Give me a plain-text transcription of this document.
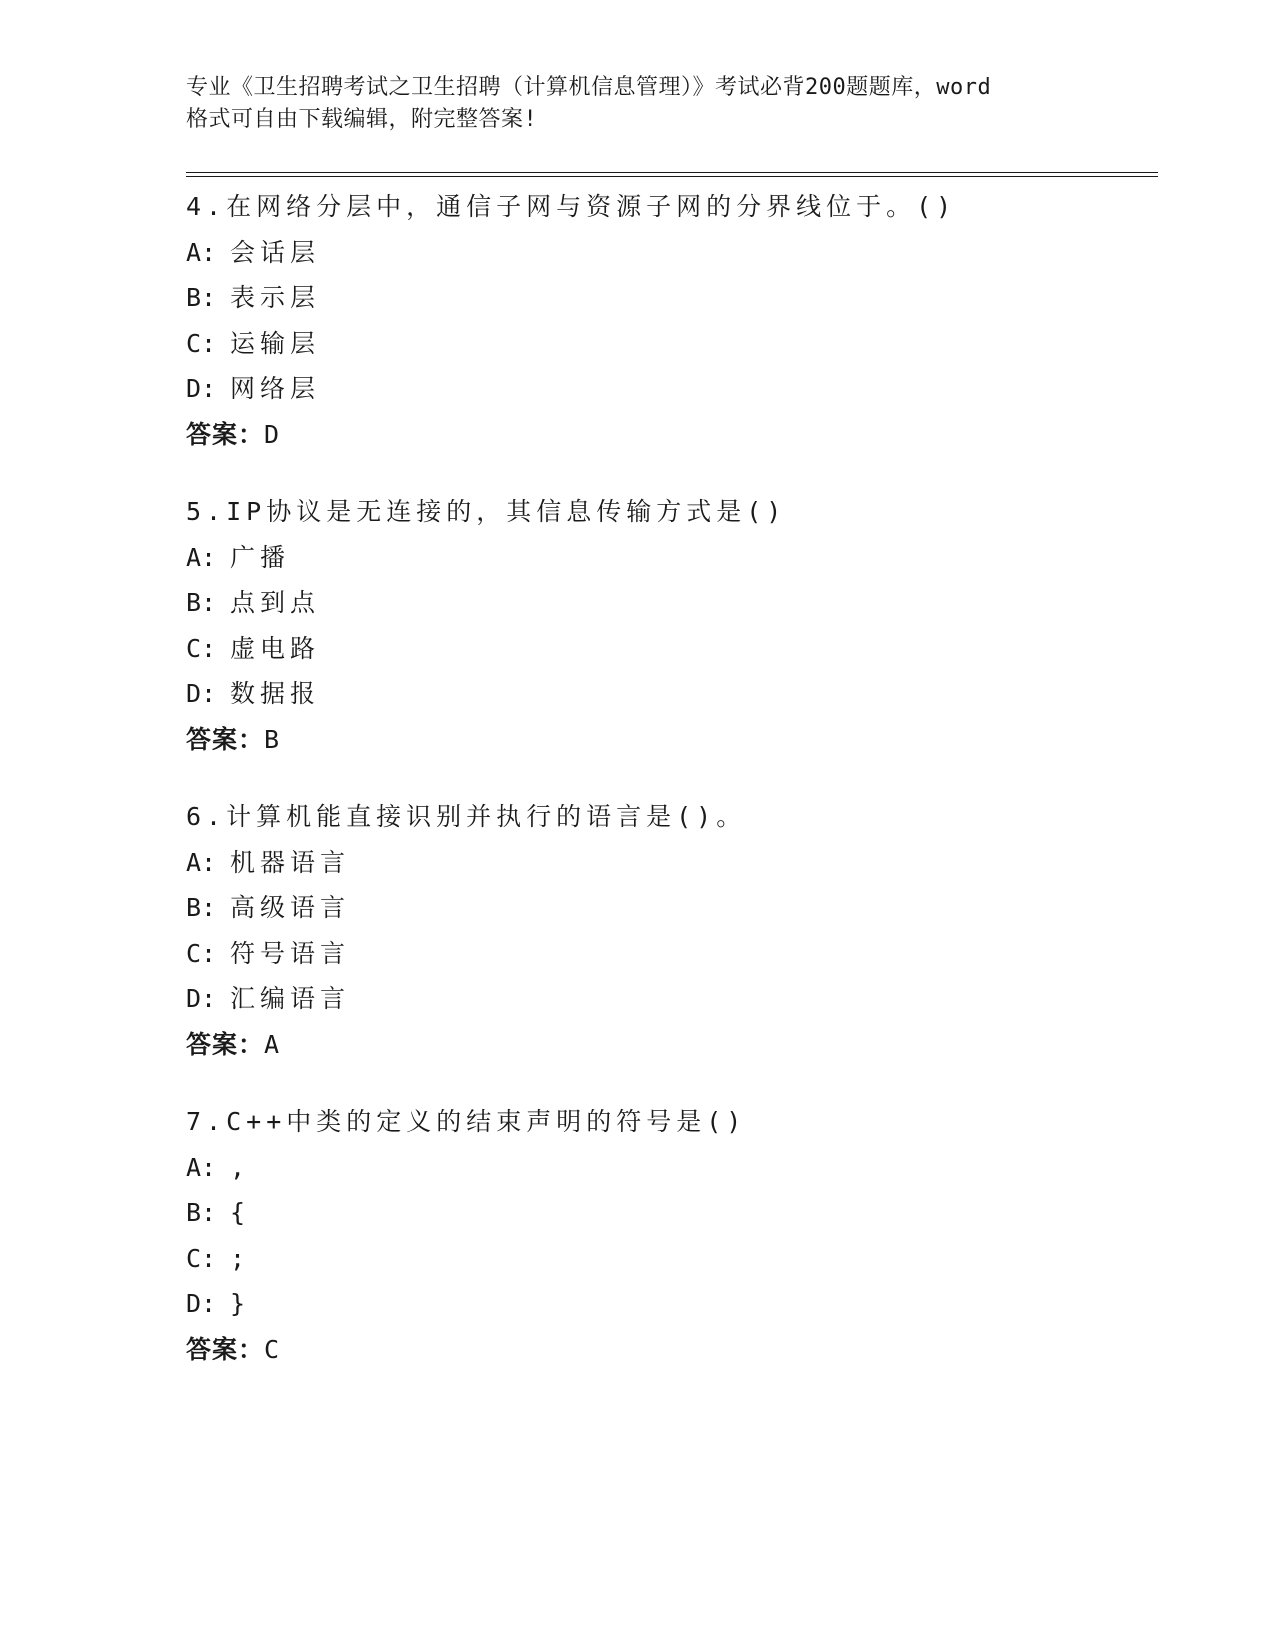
专业《卫生招聘考试之卫生招聘（计算机信息管理）》考试必背200题题库，word
格式可自由下载编辑，附完整答案!

4.在网络分层中，通信子网与资源子网的分界线位于。()
A: 会话层
B: 表示层
C: 运输层
D: 网络层
答案：D
5.IP协议是无连接的，其信息传输方式是()
A: 广播
B: 点到点
C: 虚电路
D: 数据报
答案：B
6.计算机能直接识别并执行的语言是()。
A: 机器语言
B: 高级语言
C: 符号语言
D: 汇编语言
答案：A
7.C++中类的定义的结束声明的符号是()
A: ,
B: {
C: ;
D: }
答案：C
